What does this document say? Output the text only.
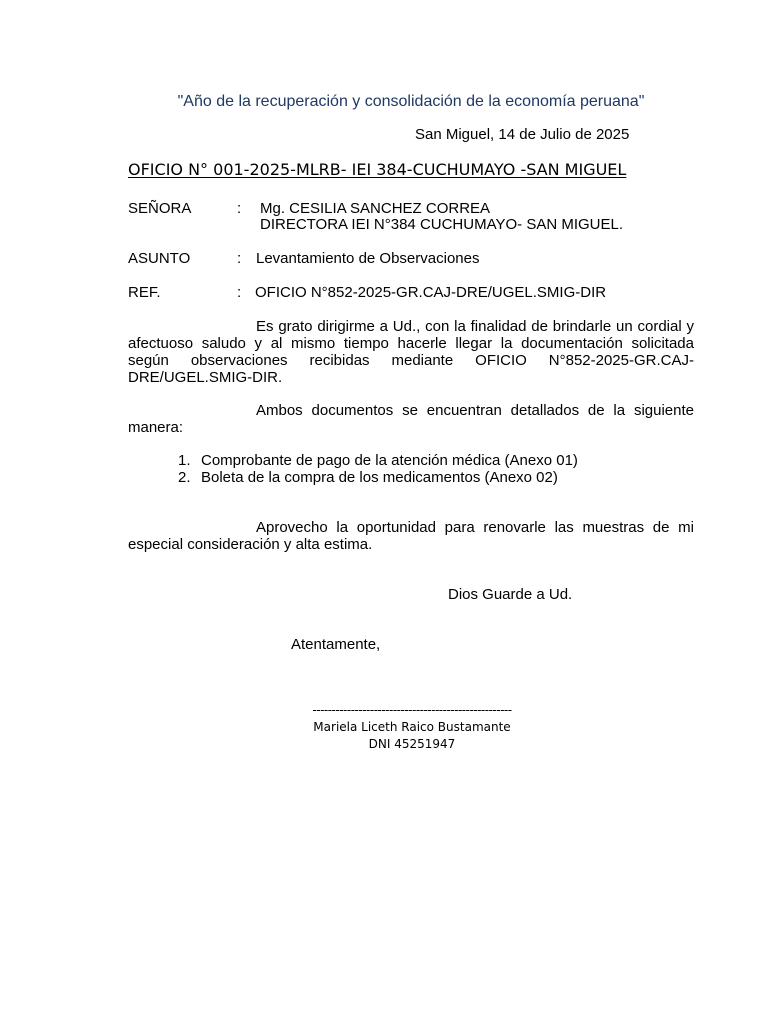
"Año de la recuperación y consolidación de la economía peruana"
San Miguel, 14 de Julio de 2025
OFICIO N° 001-2025-MLRB- IEI 384-CUCHUMAYO -SAN MIGUEL
SEÑORA	: Mg. CESILIA SANCHEZ CORREA
DIRECTORA IEI N°384 CUCHUMAYO- SAN MIGUEL.
ASUNTO	: Levantamiento de Observaciones
REF.	: OFICIO N°852-2025-GR.CAJ-DRE/UGEL.SMIG-DIR
Es grato dirigirme a Ud., con la finalidad de brindarle un cordial y afectuoso saludo y al mismo tiempo hacerle llegar la documentación solicitada según observaciones recibidas mediante OFICIO N°852-2025-GR.CAJ-DRE/UGEL.SMIG-DIR.
Ambos documentos se encuentran detallados de la siguiente manera:
1. Comprobante de pago de la atención médica (Anexo 01)
2. Boleta de la compra de los medicamentos (Anexo 02)
Aprovecho la oportunidad para renovarle las muestras de mi especial consideración y alta estima.
Dios Guarde a Ud.
Atentamente,
----------------------------------------------------
Mariela Liceth Raico Bustamante
DNI 45251947
